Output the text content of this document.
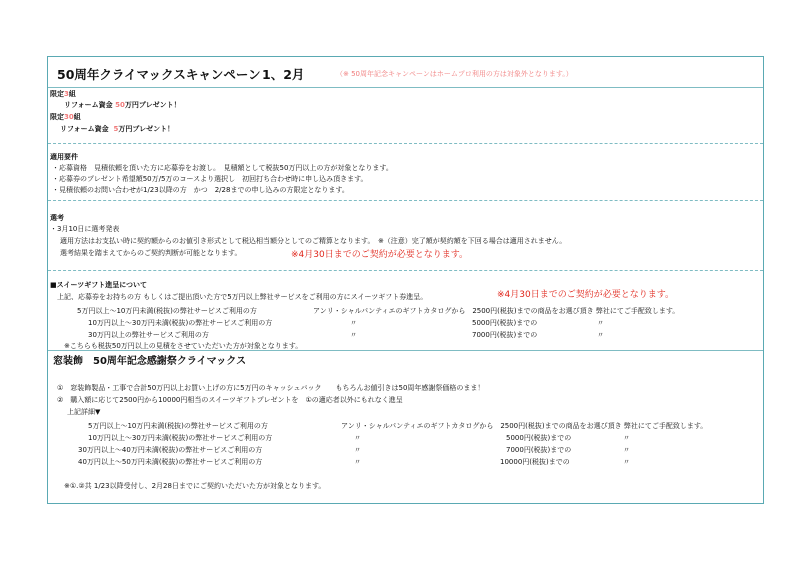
50周年クライマックスキャンペーン 1、2月	（※ 50周年記念キャンペーンはホームプロ利用の方は対象外となります。）
限定3組
リフォーム資金 50万円プレゼント！
限定30組
リフォーム資金 5万円プレゼント！
適用要件
・応募資格　見積依頼を頂いた方に応募券をお渡し。　見積額として税抜50万円以上の方が対象となります。
・応募券のプレゼント希望額50万/5万のコースより選択し　初回打ち合わせ時に申し込み頂きます。
・見積依頼のお問い合わせが1/23以降の方　かつ　2/28までの申し込みの方限定となります。
選考
・3月10日に選考発表
適用方法はお支払い時に契約額からのお値引き形式として税込相当額分としてのご精算となります。　※（注意）完了額が契約額を下回る場合は適用されません。
選考結果を踏まえてからのご契約判断が可能となります。	※4月30日までのご契約が必要となります。
■スイーツギフト進呈について
上記、応募券をお持ちの方 もしくはご提出頂いた方で5万円以上弊社サービスをご利用の方にスイーツギフト券進呈。	※4月30日までのご契約が必要となります。
5万円以上～10万円未満(税抜)の弊社サービスご利用の方	アンリ・シャルパンティエのギフトカタログから　2500円(税抜)までの商品をお選び頂き 弊社にてご手配致します。
10万円以上～30万円未満(税抜)の弊社サービスご利用の方	〃	5000円(税抜)までの	〃
30万円以上の弊社サービスご利用の方	〃	7000円(税抜)までの	〃
※こちらも税抜50万円以上の見積をさせていただいた方が対象となります。
窓装飾　50周年記念感謝祭クライマックス
①　窓装飾製品・工事で合計50万円以上お買い上げの方に5万円のキャッシュバック　　もちろんお値引きは50周年感謝祭価格のまま！
②　購入額に応じて2500円から10000円相当のスイーツギフトプレゼントを　①の適応者以外にもれなく進呈
上記詳細▼
5万円以上～10万円未満(税抜)の弊社サービスご利用の方	アンリ・シャルパンティエのギフトカタログから　2500円(税抜)までの商品をお選び頂き 弊社にてご手配致します。
10万円以上～30万円未満(税抜)の弊社サービスご利用の方	〃	5000円(税抜)までの	〃
30万円以上～40万円未満(税抜)の弊社サービスご利用の方	〃	7000円(税抜)までの	〃
40万円以上～50万円未満(税抜)の弊社サービスご利用の方	〃	10000円(税抜)までの	〃
※①.②共 1/23以降受付し、2月28日までにご契約いただいた方が対象となります。
